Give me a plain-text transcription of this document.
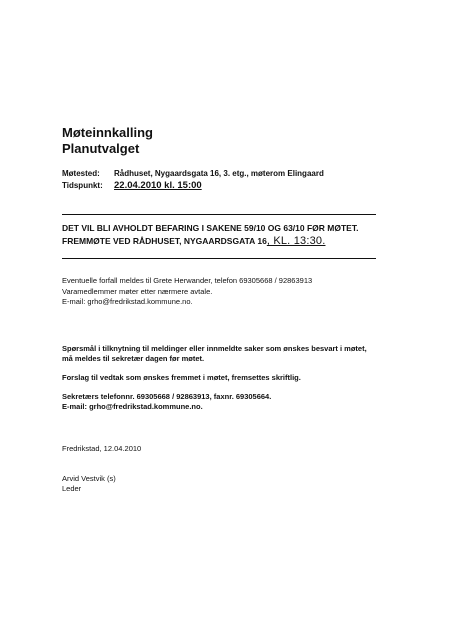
Møteinnkalling

Planutvalget

Møtested:	Rådhuset, Nygaardsgata 16, 3. etg., møterom Elingaard
Tidspunkt:	22.04.2010 kl. 15:00
DET VIL BLI AVHOLDT BEFARING I SAKENE 59/10 OG 63/10 FØR MØTET.
FREMMØTE VED RÅDHUSET, NYGAARDSGATA 16, KL. 13:30.
Eventuelle forfall meldes til Grete Herwander, telefon 69305668 / 92863913
Varamedlemmer møter etter nærmere avtale.
E-mail: grho@fredrikstad.kommune.no.

Spørsmål i tilknytning til meldinger eller innmeldte saker som ønskes besvart i møtet,
må meldes til sekretær dagen før møtet.

Forslag til vedtak som ønskes fremmet i møtet, fremsettes skriftlig.

Sekretærs telefonnr. 69305668 / 92863913, faxnr. 69305664.
E-mail: grho@fredrikstad.kommune.no.

Fredrikstad, 12.04.2010
Arvid Vestvik (s)
Leder
